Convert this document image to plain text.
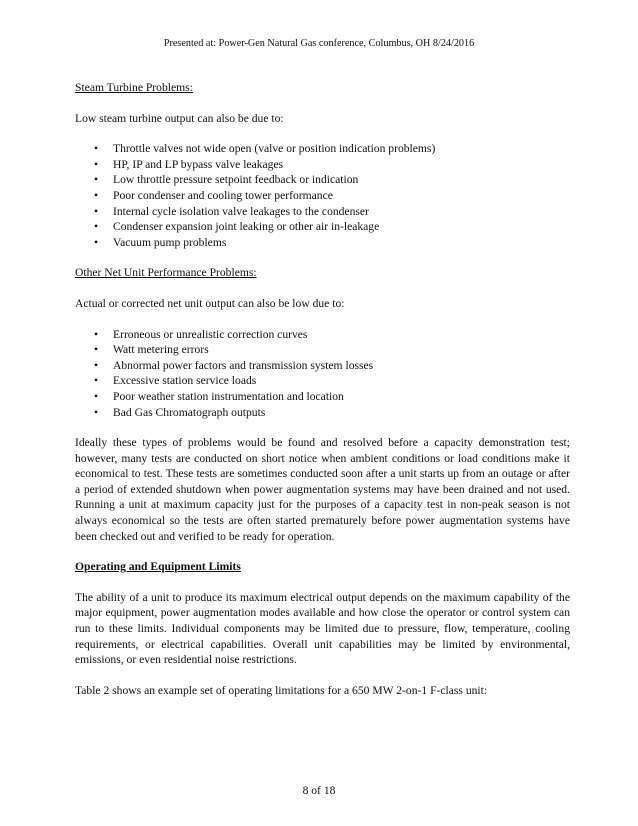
Presented at: Power-Gen Natural Gas conference, Columbus, OH 8/24/2016
Steam Turbine Problems:

Low steam turbine output can also be due to:

• Throttle valves not wide open (valve or position indication problems)
• HP, IP and LP bypass valve leakages
• Low throttle pressure setpoint feedback or indication
• Poor condenser and cooling tower performance
• Internal cycle isolation valve leakages to the condenser
• Condenser expansion joint leaking or other air in-leakage
• Vacuum pump problems
Other Net Unit Performance Problems:

Actual or corrected net unit output can also be low due to:

• Erroneous or unrealistic correction curves
• Watt metering errors
• Abnormal power factors and transmission system losses
• Excessive station service loads
• Poor weather station instrumentation and location
• Bad Gas Chromatograph outputs

Ideally these types of problems would be found and resolved before a capacity demonstration test; however, many tests are conducted on short notice when ambient conditions or load conditions make it economical to test. These tests are sometimes conducted soon after a unit starts up from an outage or after a period of extended shutdown when power augmentation systems may have been drained and not used. Running a unit at maximum capacity just for the purposes of a capacity test in non-peak season is not always economical so the tests are often started prematurely before power augmentation systems have been checked out and verified to be ready for operation.

Operating and Equipment Limits

The ability of a unit to produce its maximum electrical output depends on the maximum capability of the major equipment, power augmentation modes available and how close the operator or control system can run to these limits. Individual components may be limited due to pressure, flow, temperature, cooling requirements, or electrical capabilities. Overall unit capabilities may be limited by environmental, emissions, or even residential noise restrictions.

Table 2 shows an example set of operating limitations for a 650 MW 2-on-1 F-class unit:

8 of 18
